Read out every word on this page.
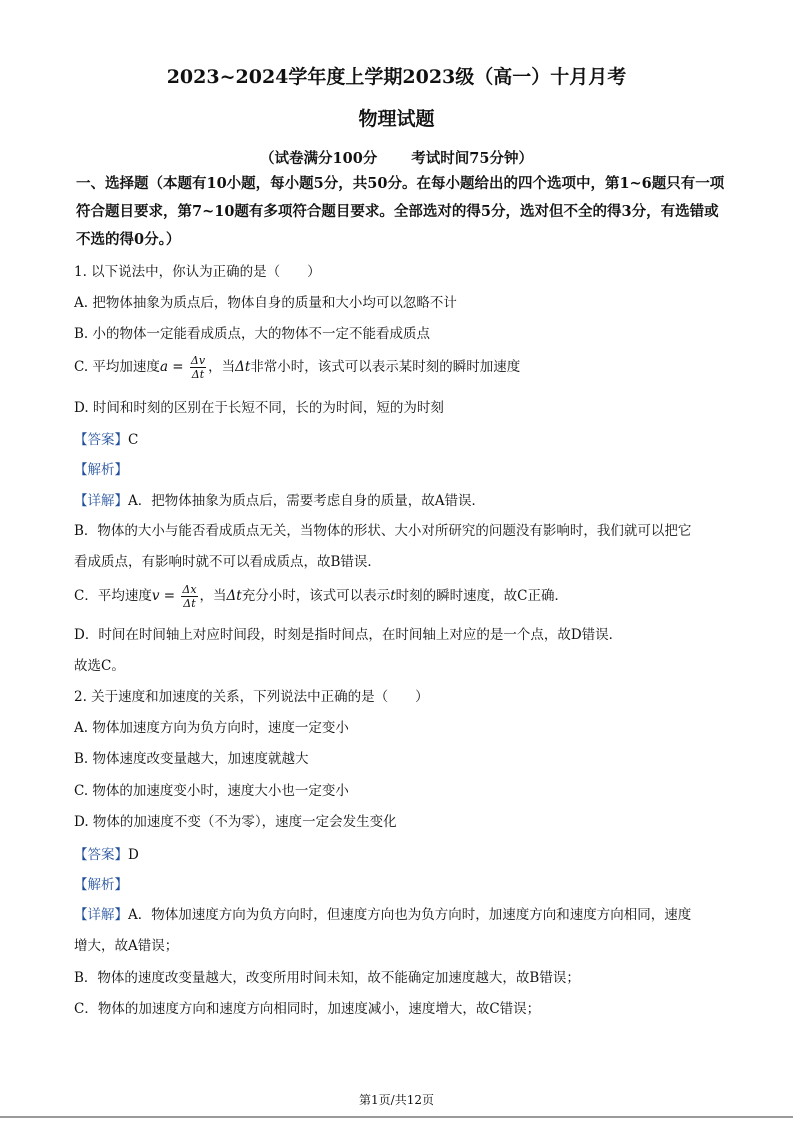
2023~2024学年度上学期2023级（高一）十月月考
物理试题
（试卷满分100分 考试时间75分钟）
一、选择题（本题有10小题，每小题5分，共50分。在每小题给出的四个选项中，第1~6题只有一项符合题目要求，第7~10题有多项符合题目要求。全部选对的得5分，选对但不全的得3分，有选错或不选的得0分。）
1. 以下说法中，你认为正确的是（　　）
A. 把物体抽象为质点后，物体自身的质量和大小均可以忽略不计
B. 小的物体一定能看成质点，大的物体不一定不能看成质点
C. 平均加速度$a = \frac{\Delta v}{\Delta t}$ ，当Δt非常小时，该式可以表示某时刻的瞬时加速度
D. 时间和时刻的区别在于长短不同，长的为时间，短的为时刻
【答案】C
【解析】
【详解】A．把物体抽象为质点后，需要考虑自身的质量，故A错误．
B．物体的大小与能否看成质点无关，当物体的形状、大小对所研究的问题没有影响时，我们就可以把它
看成质点，有影响时就不可以看成质点，故B错误．
C．平均速度$v = \frac{\Delta x}{\Delta t}$ ，当Δt充分小时，该式可以表示t时刻的瞬时速度，故C正确．
D．时间在时间轴上对应时间段，时刻是指时间点，在时间轴上对应的是一个点，故D错误．
故选C。
2. 关于速度和加速度的关系，下列说法中正确的是（　　）
A. 物体加速度方向为负方向时，速度一定变小
B. 物体速度改变量越大，加速度就越大
C. 物体的加速度变小时，速度大小也一定变小
D. 物体的加速度不变（不为零），速度一定会发生变化
【答案】D
【解析】
【详解】A．物体加速度方向为负方向时，但速度方向也为负方向时，加速度方向和速度方向相同，速度
增大，故A错误；
B．物体的速度改变量越大，改变所用时间未知，故不能确定加速度越大，故B错误；
C．物体的加速度方向和速度方向相同时，加速度减小，速度增大，故C错误；
第1页/共12页
